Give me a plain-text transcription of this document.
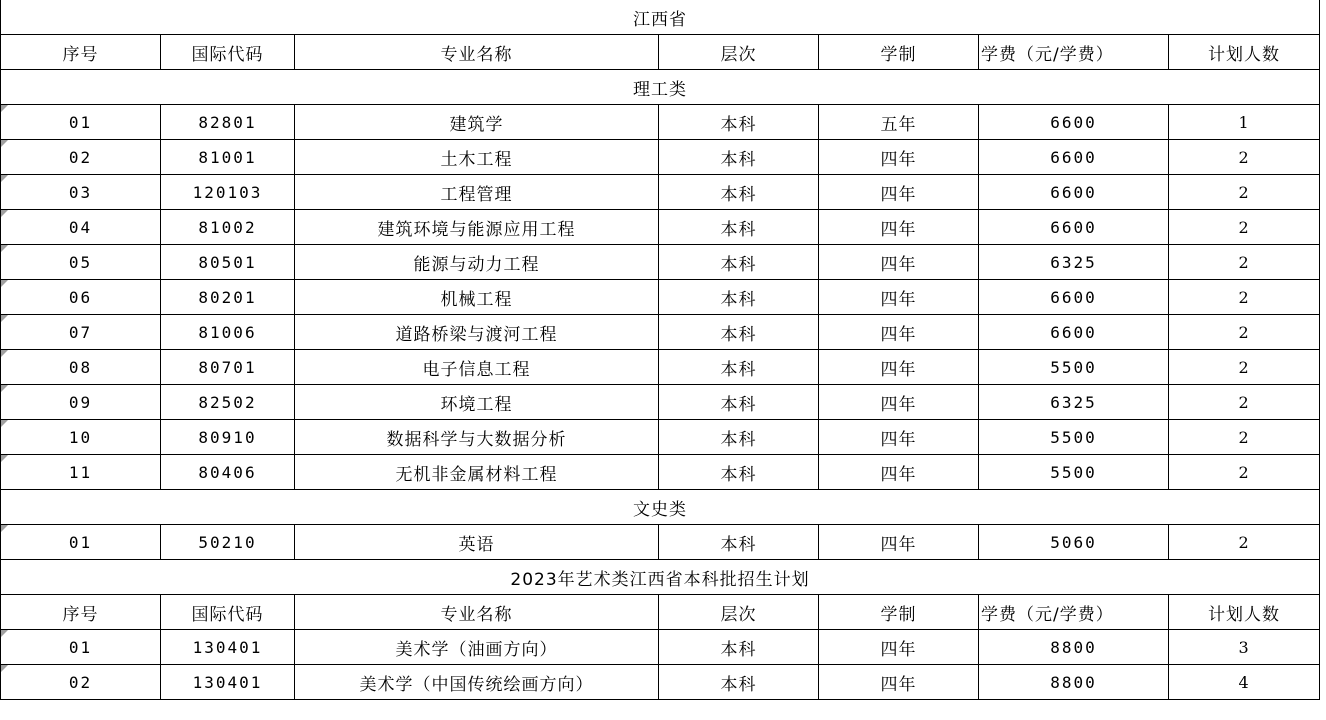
江西省						
序号	国际代码	专业名称	层次	学制	学费（元/学费）	计划人数
理工类						

01	82801	建筑学	本科	五年	6600	1

02	81001	土木工程	本科	四年	6600	2

03	120103	工程管理	本科	四年	6600	2

04	81002	建筑环境与能源应用工程	本科	四年	6600	2

05	80501	能源与动力工程	本科	四年	6325	2

06	80201	机械工程	本科	四年	6600	2

07	81006	道路桥梁与渡河工程	本科	四年	6600	2

08	80701	电子信息工程	本科	四年	5500	2

09	82502	环境工程	本科	四年	6325	2

10	80910	数据科学与大数据分析	本科	四年	5500	2

11	80406	无机非金属材料工程	本科	四年	5500	2
文史类						

01	50210	英语	本科	四年	5060	2
2023年艺术类江西省本科批招生计划						
序号	国际代码	专业名称	层次	学制	学费（元/学费）	计划人数

01	130401	美术学（油画方向）	本科	四年	8800	3

02	130401	美术学（中国传统绘画方向）	本科	四年	8800	4
